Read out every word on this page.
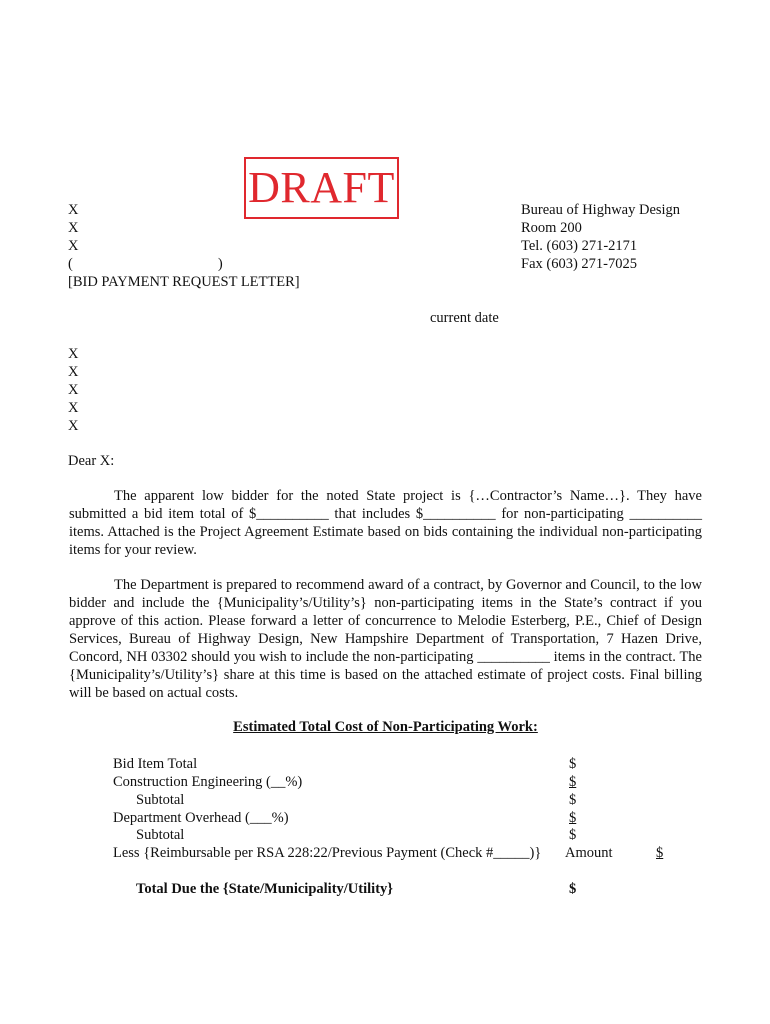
DRAFT
X
X
X
(                                        )
[BID PAYMENT REQUEST LETTER]
Bureau of Highway Design
Room 200
Tel. (603) 271-2171
Fax (603) 271-7025
current date
X
X
X
X
X
Dear X:
The apparent low bidder for the noted State project is {…Contractor’s Name…}. They have submitted a bid item total of $__________ that includes $__________ for non-participating __________ items. Attached is the Project Agreement Estimate based on bids containing the individual non-participating items for your review.
The Department is prepared to recommend award of a contract, by Governor and Council, to the low bidder and include the {Municipality’s/Utility’s} non-participating items in the State’s contract if you approve of this action. Please forward a letter of concurrence to Melodie Esterberg, P.E., Chief of Design Services, Bureau of Highway Design, New Hampshire Department of Transportation, 7 Hazen Drive, Concord, NH 03302 should you wish to include the non-participating __________ items in the contract. The {Municipality’s/Utility’s} share at this time is based on the attached estimate of project costs. Final billing will be based on actual costs.
Estimated Total Cost of Non-Participating Work:
Bid Item Total	$
Construction Engineering (__%)	$
Subtotal	$
Department Overhead (___%)	$
Subtotal	$
Less {Reimbursable per RSA 228:22/Previous Payment (Check #_____)} Amount	$
Total Due the {State/Municipality/Utility}	$
